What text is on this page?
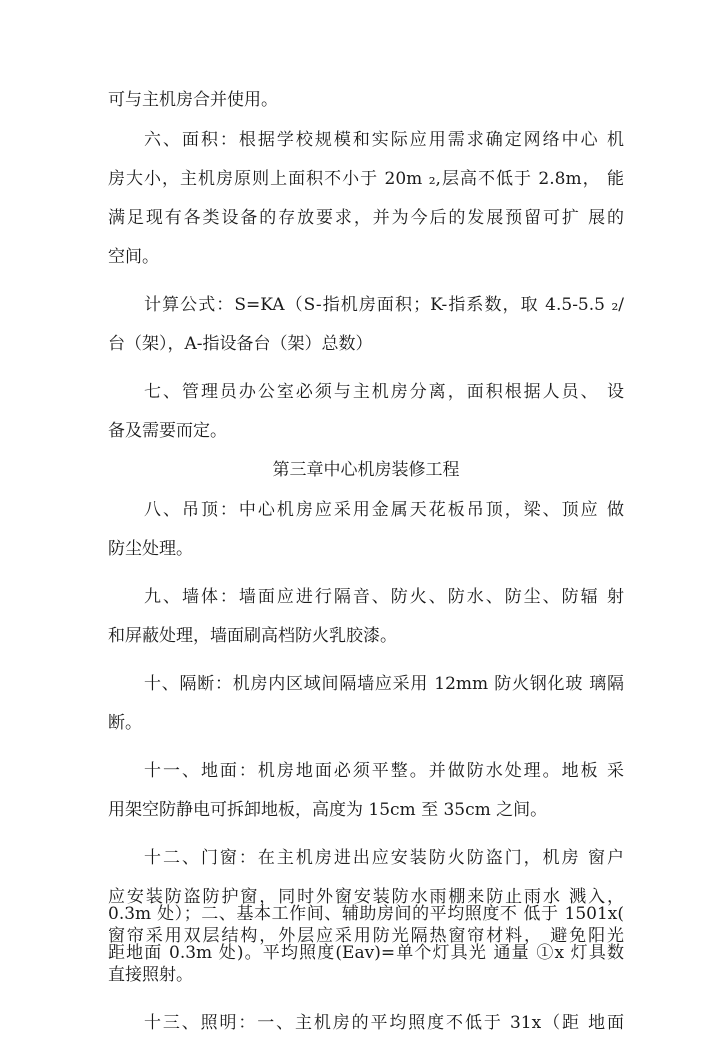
可与主机房合并使用。
六、面积：根据学校规模和实际应用需求确定网络中心 机
房大小，主机房原则上面积不小于 20m ₂,层高不低于 2.8m， 能
满足现有各类设备的存放要求，并为今后的发展预留可扩 展的
空间。
计算公式：S=KA（S-指机房面积；K-指系数，取 4.5-5.5 ₂/
台（架），A-指设备台（架）总数）
七、管理员办公室必须与主机房分离，面积根据人员、 设
备及需要而定。
第三章中心机房装修工程
八、吊顶：中心机房应采用金属天花板吊顶，梁、顶应 做
防尘处理。
九、墙体：墙面应进行隔音、防火、防水、防尘、防辐 射
和屏蔽处理，墙面刷高档防火乳胶漆。
十、隔断：机房内区域间隔墙应采用 12mm 防火钢化玻 璃隔
断。
十一、地面：机房地面必须平整。并做防水处理。地板 采
用架空防静电可拆卸地板，高度为 15cm 至 35cm 之间。
十二、门窗：在主机房进出应安装防火防盗门，机房 窗户
应安装防盗防护窗，同时外窗安装防水雨棚来防止雨水 溅入，
窗帘采用双层结构，外层应采用防光隔热窗帘材料， 避免阳光
直接照射。
十三、照明：一、主机房的平均照度不低于 31x（距 地面
0.3m 处）；二、基本工作间、辅助房间的平均照度不 低于 1501x(
距地面 0.3m 处)。平均照度(Eav)=单个灯具光 通量 ①x 灯具数
